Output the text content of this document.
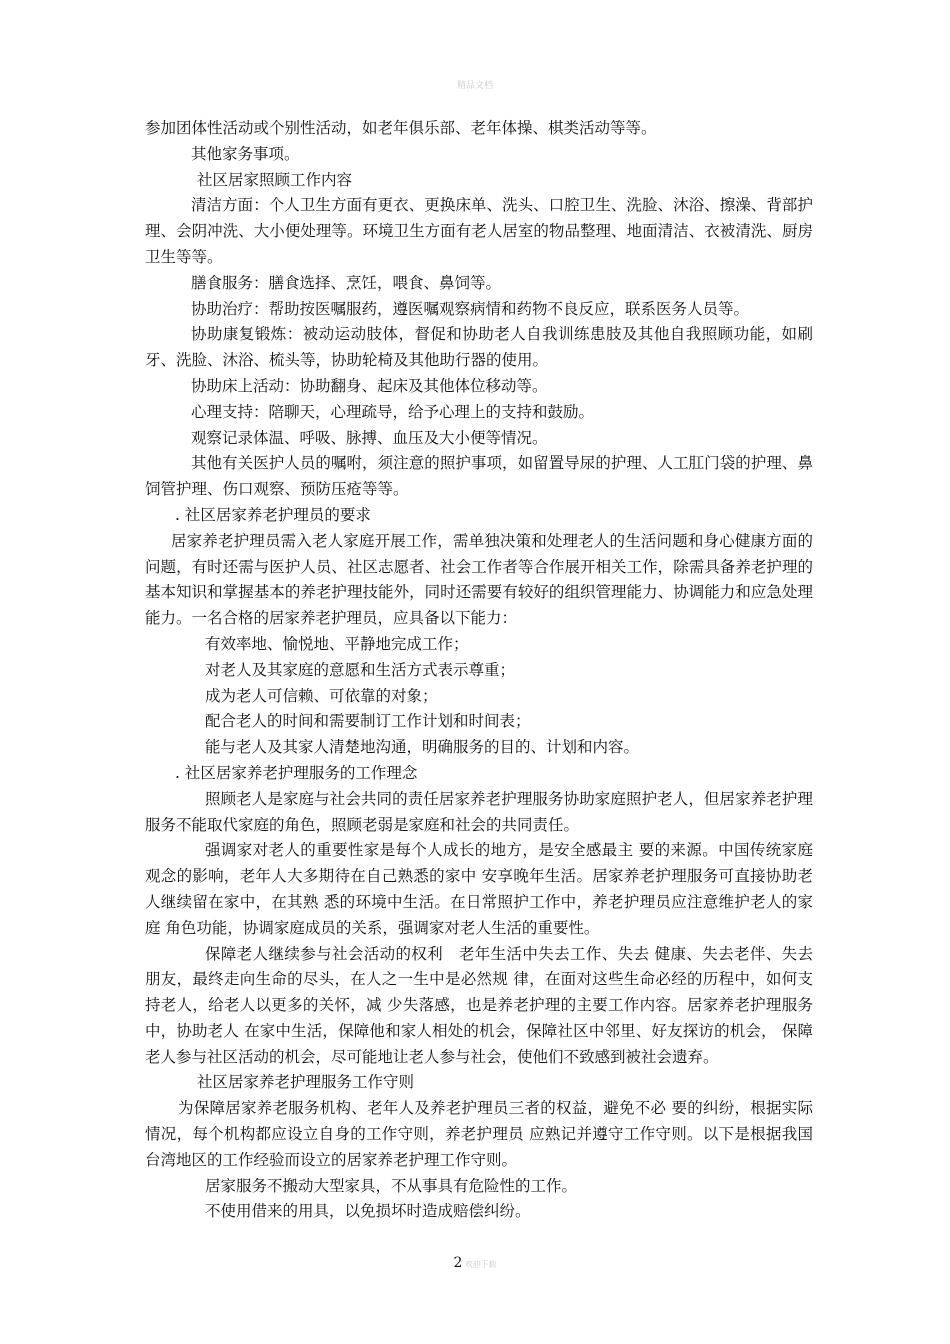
精品文档

参加团体性活动或个别性活动，如老年俱乐部、老年体操、棋类活动等等。

其他家务事项。

社区居家照顾工作内容

清洁方面：个人卫生方面有更衣、更换床单、洗头、口腔卫生、洗脸、沐浴、擦澡、背部护理、会阴冲洗、大小便处理等。环境卫生方面有老人居室的物品整理、地面清洁、衣被清洗、厨房卫生等等。

膳食服务：膳食选择、烹饪，喂食、鼻饲等。

协助治疗：帮助按医嘱服药，遵医嘱观察病情和药物不良反应，联系医务人员等。

协助康复锻炼：被动运动肢体，督促和协助老人自我训练患肢及其他自我照顾功能，如刷牙、洗脸、沐浴、梳头等，协助轮椅及其他助行器的使用。

协助床上活动：协助翻身、起床及其他体位移动等。

心理支持：陪聊天，心理疏导，给予心理上的支持和鼓励。

观察记录体温、呼吸、脉搏、血压及大小便等情况。

其他有关医护人员的嘱咐，须注意的照护事项，如留置导尿的护理、人工肛门袋的护理、鼻饲管护理、伤口观察、预防压疮等等。

. 社区居家养老护理员的要求

居家养老护理员需入老人家庭开展工作，需单独决策和处理老人的生活问题和身心健康方面的问题，有时还需与医护人员、社区志愿者、社会工作者等合作展开相关工作，除需具备养老护理的基本知识和掌握基本的养老护理技能外，同时还需要有较好的组织管理能力、协调能力和应急处理能力。一名合格的居家养老护理员，应具备以下能力：

有效率地、愉悦地、平静地完成工作；

对老人及其家庭的意愿和生活方式表示尊重；

成为老人可信赖、可依靠的对象；

配合老人的时间和需要制订工作计划和时间表；

能与老人及其家人清楚地沟通，明确服务的目的、计划和内容。

. 社区居家养老护理服务的工作理念

照顾老人是家庭与社会共同的责任居家养老护理服务协助家庭照护老人，但居家养老护理服务不能取代家庭的角色，照顾老弱是家庭和社会的共同责任。

强调家对老人的重要性家是每个人成长的地方，是安全感最主 要的来源。中国传统家庭观念的影响，老年人大多期待在自己熟悉的家中 安享晚年生活。居家养老护理服务可直接协助老人继续留在家中，在其熟 悉的环境中生活。在日常照护工作中，养老护理员应注意维护老人的家庭 角色功能，协调家庭成员的关系，强调家对老人生活的重要性。

保障老人继续参与社会活动的权利　老年生活中失去工作、失去 健康、失去老伴、失去朋友，最终走向生命的尽头，在人之一生中是必然规 律，在面对这些生命必经的历程中，如何支持老人，给老人以更多的关怀，减 少失落感，也是养老护理的主要工作内容。居家养老护理服务中，协助老人 在家中生活，保障他和家人相处的机会，保障社区中邻里、好友探访的机会， 保障老人参与社区活动的机会，尽可能地让老人参与社会，使他们不致感到被社会遗弃。

社区居家养老护理服务工作守则

为保障居家养老服务机构、老年人及养老护理员三者的权益，避免不必 要的纠纷，根据实际情况，每个机构都应设立自身的工作守则，养老护理员 应熟记并遵守工作守则。以下是根据我国台湾地区的工作经验而设立的居家养老护理工作守则。

居家服务不搬动大型家具，不从事具有危险性的工作。

不使用借来的用具，以免损坏时造成赔偿纠纷。

2 欢迎下载
